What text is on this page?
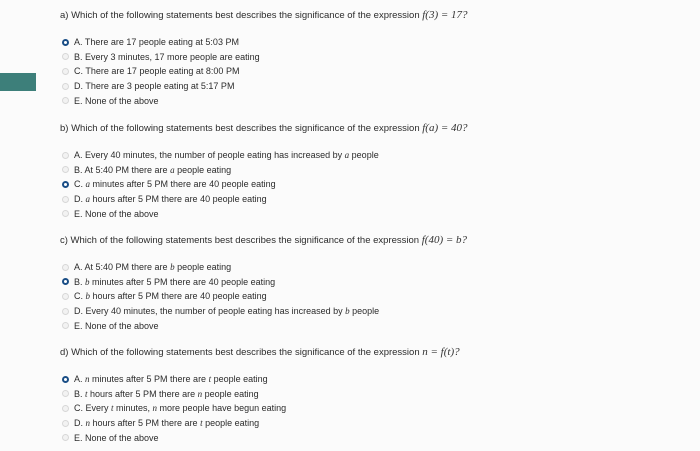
a) Which of the following statements best describes the significance of the expression f(3) = 17?
A. There are 17 people eating at 5:03 PM
B. Every 3 minutes, 17 more people are eating
C. There are 17 people eating at 8:00 PM
D. There are 3 people eating at 5:17 PM
E. None of the above
b) Which of the following statements best describes the significance of the expression f(a) = 40?
A. Every 40 minutes, the number of people eating has increased by a people
B. At 5:40 PM there are a people eating
C. a minutes after 5 PM there are 40 people eating
D. a hours after 5 PM there are 40 people eating
E. None of the above
c) Which of the following statements best describes the significance of the expression f(40) = b?
A. At 5:40 PM there are b people eating
B. b minutes after 5 PM there are 40 people eating
C. b hours after 5 PM there are 40 people eating
D. Every 40 minutes, the number of people eating has increased by b people
E. None of the above
d) Which of the following statements best describes the significance of the expression n = f(t)?
A. n minutes after 5 PM there are t people eating
B. t hours after 5 PM there are n people eating
C. Every t minutes, n more people have begun eating
D. n hours after 5 PM there are t people eating
E. None of the above
